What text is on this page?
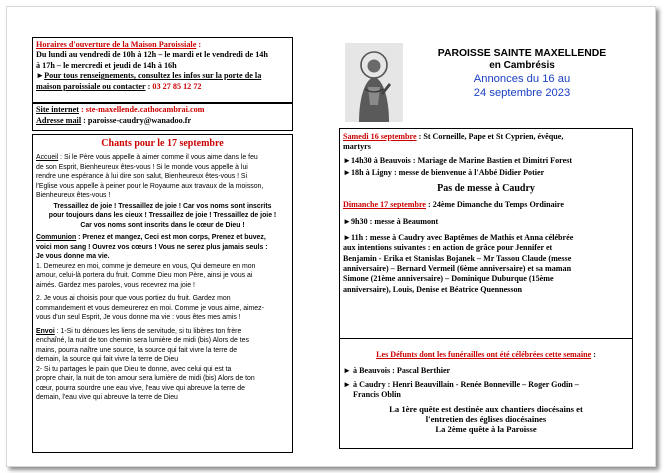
Horaires d'ouverture de la Maison Paroissiale :

Du lundi au vendredi de 10h à 12h – le mardi et le vendredi de 14h

à 17h – le mercredi et jeudi de 14h à 16h

►Pour tous renseignements, consultez les infos sur la porte de la

maison paroissiale ou contacter : 03 27 85 12 72

Site internet : ste-maxellende.cathocambrai.com

Adresse mail : paroisse-caudry@wanadoo.fr

Chants pour le 17 septembre

Accueil : Si le Père vous appelle à aimer comme il vous aime dans le feu

de son Esprit, Bienheureux êtes-vous ! Si le monde vous appelle à lui

rendre une espérance à lui dire son salut, Bienheureux êtes-vous ! Si

l'Eglise vous appelle à peiner pour le Royaume aux travaux de la moisson,

Bienheureux êtes-vous !

Tressaillez de joie ! Tressaillez de joie ! Car vos noms sont inscrits

pour toujours dans les cieux ! Tressaillez de joie ! Tressaillez de joie !

Car vos noms sont inscrits dans le cœur de Dieu !

Communion : Prenez et mangez, Ceci est mon corps, Prenez et buvez,

voici mon sang ! Ouvrez vos cœurs ! Vous ne serez plus jamais seuls :

Je vous donne ma vie.

1. Demeurez en moi, comme je demeure en vous, Qui demeure en mon

amour, celui-là portera du fruit. Comme Dieu mon Père, ainsi je vous ai

aimés. Gardez mes paroles, vous recevrez ma joie !

2. Je vous ai choisis pour que vous portiez du fruit. Gardez mon

commandement et vous demeurerez en moi. Comme je vous aime, aimez-

vous d'un seul Esprit, Je vous donne ma vie : vous êtes mes amis !

Envoi : 1-Si tu dénoues les liens de servitude, si tu libères ton frère

enchaîné, la nuit de ton chemin sera lumière de midi (bis) Alors de tes

mains, pourra naître une source, la source qui fait vivre la terre de

demain, la source qui fait vivre la terre de Dieu

2- Si tu partages le pain que Dieu te donne, avec celui qui est ta

propre chair, la nuit de ton amour sera lumière de midi (bis) Alors de ton

cœur, pourra sourdre une eau vive, l'eau vive qui abreuve la terre de

demain, l'eau vive qui abreuve la terre de Dieu

PAROISSE SAINTE MAXELLENDE

en Cambrésis

Annonces du 16 au

24 septembre 2023

Samedi 16 septembre : St Corneille, Pape et St Cyprien, évêque,

martyrs

►14h30 à Beauvois : Mariage de Marine Bastien et Dimitri Forest

►18h à Ligny : messe de bienvenue à l'Abbé Didier Potier

Pas de messe à Caudry

Dimanche 17 septembre : 24ème Dimanche du Temps Ordinaire

►9h30 : messe à Beaumont

►11h : messe à Caudry avec Baptêmes de Mathis et Anna célébrée

aux intentions suivantes : en action de grâce pour Jennifer et

Benjamin - Erika et Stanislas Bojanek – Mr Tassou Claude (messe

anniversaire) – Bernard Vermeil (6ème anniversaire) et sa maman

Simone (21ème anniversaire) – Dominique Duburque (15ème

anniversaire), Louis, Denise et Béatrice Quennesson

Les Défunts dont les funérailles ont été célébrées cette semaine :

► à Beauvois : Pascal Berthier

► à Caudry : Henri Beauvillain - Renée Bonneville – Roger Godin –

Francis Oblin

La 1ère quête est destinée aux chantiers diocésains et

l'entretien des églises diocésaines

La 2ème quête à la Paroisse
